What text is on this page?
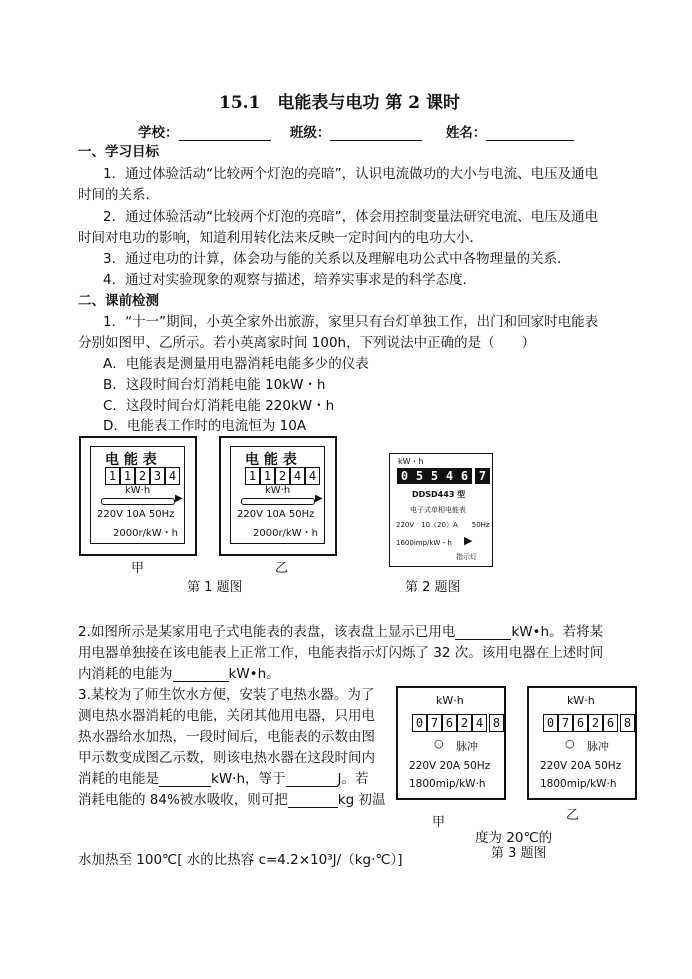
15.1　电能表与电功 第 2 课时
学校：	班级：	姓名：
一、学习目标
1．通过体验活动“比较两个灯泡的亮暗”，认识电流做功的大小与电流、电压及通电
时间的关系．
2．通过体验活动“比较两个灯泡的亮暗”，体会用控制变量法研究电流、电压及通电
时间对电功的影响，知道利用转化法来反映一定时间内的电功大小．
3．通过电功的计算，体会功与能的关系以及理解电功公式中各物理量的关系．
4．通过对实验现象的观察与描述，培养实事求是的科学态度．
二、课前检测
1．“十一”期间，小英全家外出旅游，家里只有台灯单独工作，出门和回家时电能表
分别如图甲、乙所示。若小英离家时间 100h，下列说法中正确的是（　　）
A．电能表是测量用电器消耗电能多少的仪表
B．这段时间台灯消耗电能 10kW・h
C．这段时间台灯消耗电能 220kW・h
D．电能表工作时的电流恒为 10A
电 能 表
1 1 2 3 4
kW·h
▶
220V 10A 50Hz
2000r/kW・h
甲
电 能 表
1 1 2 4 4
kW·h
▶
220V 10A 50Hz
2000r/kW・h
乙
第 1 题图
kW・h
0 5 5 4 6 7
DDSD443 型
电子式单相电能表
220V　10（20）A　　50Hz
1600imp/kW・h ▶
指示灯
第 2 题图
2.如图所示是某家用电子式电能表的表盘，该表盘上显示已用电	kW•h。若将某
用电器单独接在该电能表上正常工作，电能表指示灯闪烁了 32 次。该用电器在上述时间
内消耗的电能为	kW•h。
3.某校为了师生饮水方便，安装了电热水器。为了
测电热水器消耗的电能，关闭其他用电器，只用电
热水器给水加热，一段时间后，电能表的示数由图
甲示数变成图乙示数，则该电热水器在这段时间内
消耗的电能是	kW·h，等于	J。若
消耗电能的 84%被水吸收，则可把	kg 初温
水加热至 100℃[ 水的比热容 c=4.2×10³J/（kg·℃）]
kW·h
0 7 6 2 4 8
○ 脉冲
220V 20A 50Hz
1800mip/kW·h
甲
kW·h
0 7 6 2 6 8
○ 脉冲
220V 20A 50Hz
1800mip/kW·h
乙
度为 20℃的
第 3 题图
